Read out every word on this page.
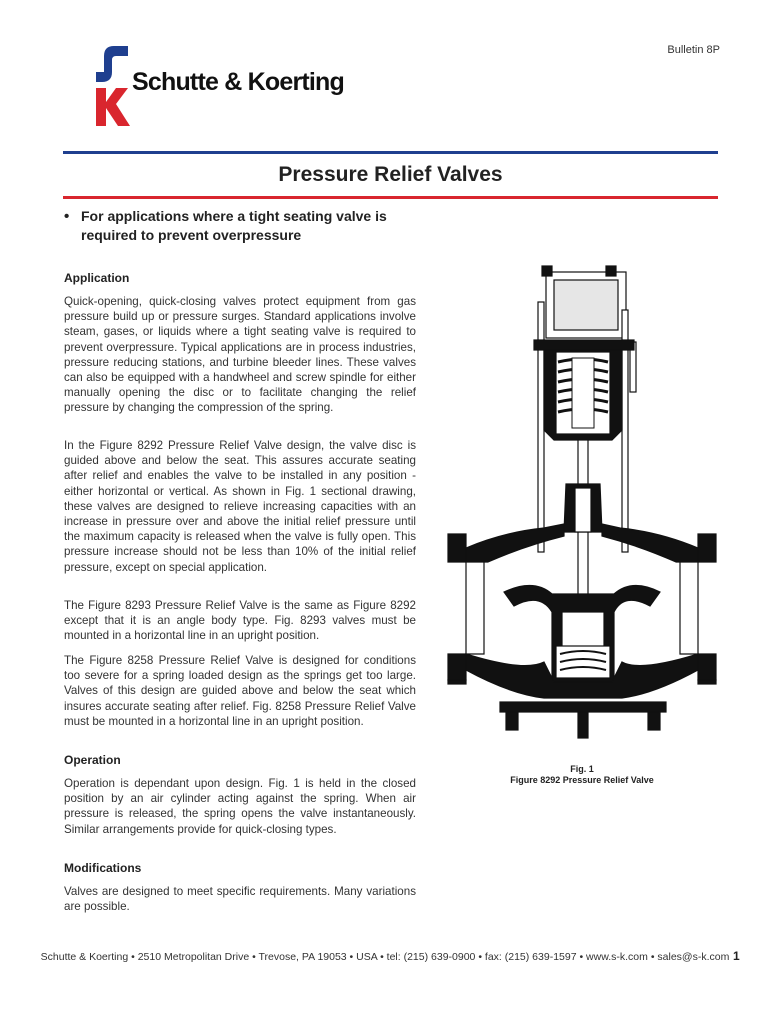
Bulletin 8P
Schutte & Koerting
Pressure Relief Valves
• For applications where a tight seating valve is required to prevent overpressure
Application
Quick-opening, quick-closing valves protect equipment from gas pressure build up or pressure surges. Standard applications involve steam, gases, or liquids where a tight seating valve is required to prevent overpressure. Typical applications are in process industries, pressure reducing stations, and turbine bleeder lines. These valves can also be equipped with a handwheel and screw spindle for either manually opening the disc or to facilitate changing the relief pressure by changing the compression of the spring.
In the Figure 8292 Pressure Relief Valve design, the valve disc is guided above and below the seat. This assures accurate seating after relief and enables the valve to be installed in any position - either horizontal or vertical. As shown in Fig. 1 sectional drawing, these valves are designed to relieve increasing capacities with an increase in pressure over and above the initial relief pressure until the maximum capacity is released when the valve is fully open. This pressure increase should not be less than 10% of the initial relief pressure, except on special application.
The Figure 8293 Pressure Relief Valve is the same as Figure 8292 except that it is an angle body type. Fig. 8293 valves must be mounted in a horizontal line in an upright position.
The Figure 8258 Pressure Relief Valve is designed for conditions too severe for a spring loaded design as the springs get too large. Valves of this design are guided above and below the seat which insures accurate seating after relief. Fig. 8258 Pressure Relief Valve must be mounted in a horizontal line in an upright position.
Operation
Operation is dependant upon design. Fig. 1 is held in the closed position by an air cylinder acting against the spring. When air pressure is released, the spring opens the valve instantaneously. Similar arrangements provide for quick-closing types.
Modifications
Valves are designed to meet specific requirements. Many variations are possible.
Fig. 1
Figure 8292 Pressure Relief Valve
Schutte & Koerting • 2510 Metropolitan Drive • Trevose, PA 19053 • USA • tel: (215) 639-0900 • fax: (215) 639-1597 • www.s-k.com • sales@s-k.com 1
